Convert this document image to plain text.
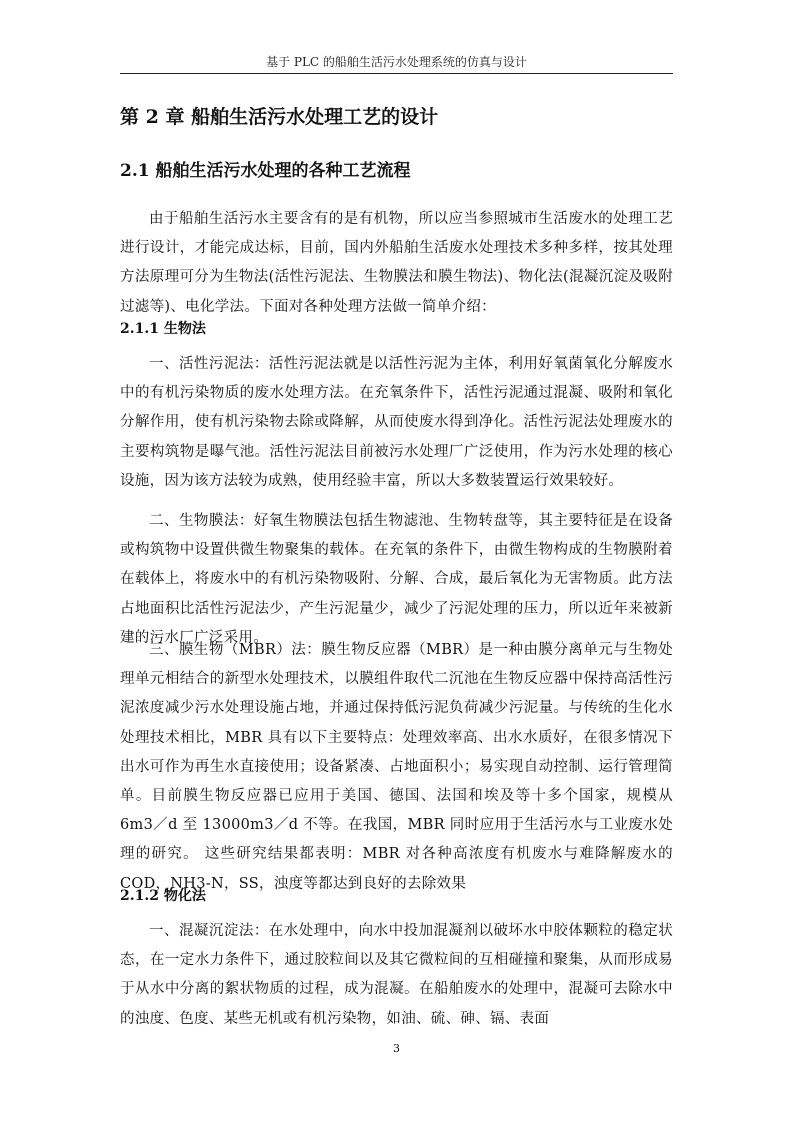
基于 PLC 的船舶生活污水处理系统的仿真与设计
第 2 章 船舶生活污水处理工艺的设计
2.1 船舶生活污水处理的各种工艺流程

由于船舶生活污水主要含有的是有机物，所以应当参照城市生活废水的处理工艺进行设计，才能完成达标，目前，国内外船舶生活废水处理技术多种多样，按其处理方法原理可分为生物法(活性污泥法、生物膜法和膜生物法)、物化法(混凝沉淀及吸附过滤等)、电化学法。下面对各种处理方法做一简单介绍：

2.1.1 生物法

一、活性污泥法：活性污泥法就是以活性污泥为主体，利用好氧菌氧化分解废水中的有机污染物质的废水处理方法。在充氧条件下，活性污泥通过混凝、吸附和氧化分解作用，使有机污染物去除或降解，从而使废水得到净化。活性污泥法处理废水的主要构筑物是曝气池。活性污泥法目前被污水处理厂广泛使用，作为污水处理的核心设施，因为该方法较为成熟，使用经验丰富，所以大多数装置运行效果较好。

二、生物膜法：好氧生物膜法包括生物滤池、生物转盘等，其主要特征是在设备或构筑物中设置供微生物聚集的载体。在充氧的条件下，由微生物构成的生物膜附着在载体上，将废水中的有机污染物吸附、分解、合成，最后氧化为无害物质。此方法占地面积比活性污泥法少，产生污泥量少，减少了污泥处理的压力，所以近年来被新建的污水厂广泛采用。

三、膜生物（MBR）法：膜生物反应器（MBR）是一种由膜分离单元与生物处理单元相结合的新型水处理技术，以膜组件取代二沉池在生物反应器中保持高活性污泥浓度减少污水处理设施占地，并通过保持低污泥负荷减少污泥量。与传统的生化水处理技术相比，MBR 具有以下主要特点：处理效率高、出水水质好，在很多情况下出水可作为再生水直接使用；设备紧凑、占地面积小；易实现自动控制、运行管理简单。目前膜生物反应器已应用于美国、德国、法国和埃及等十多个国家，规模从 6m3／d 至 13000m3／d 不等。在我国，MBR 同时应用于生活污水与工业废水处理的研究。 这些研究结果都表明：MBR 对各种高浓度有机废水与难降解废水的 COD，NH3-N，SS，浊度等都达到良好的去除效果

2.1.2 物化法

一、混凝沉淀法：在水处理中，向水中投加混凝剂以破坏水中胶体颗粒的稳定状态，在一定水力条件下，通过胶粒间以及其它微粒间的互相碰撞和聚集，从而形成易于从水中分离的絮状物质的过程，成为混凝。在船舶废水的处理中，混凝可去除水中的浊度、色度、某些无机或有机污染物，如油、硫、砷、镉、表面

3
